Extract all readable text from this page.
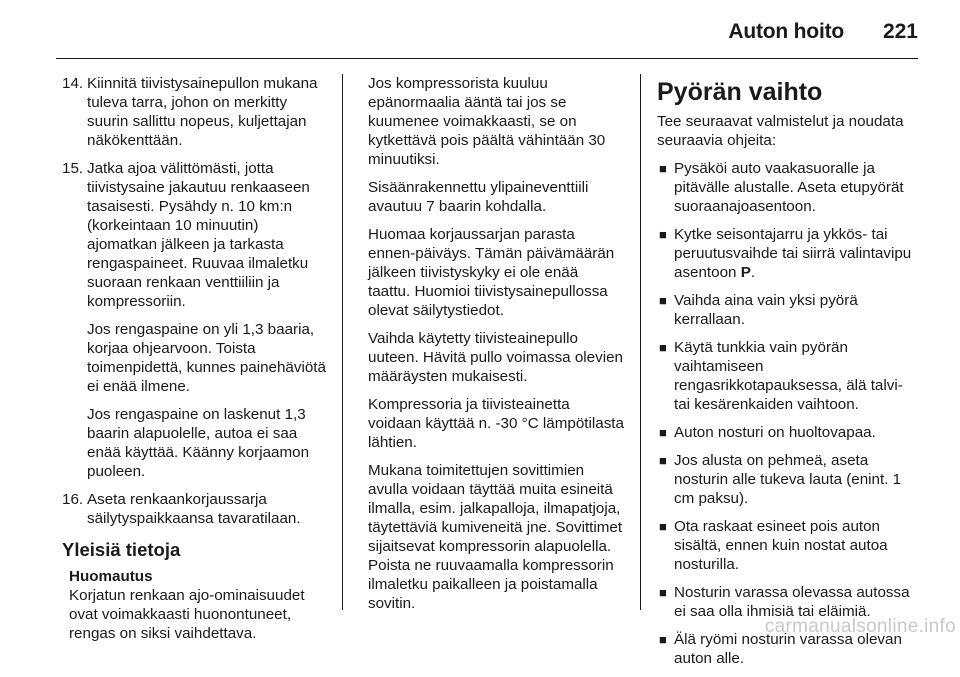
Auton hoito 221
14. Kiinnitä tiivistysainepullon mukana tuleva tarra, johon on merkitty suurin sallittu nopeus, kuljettajan näkökenttään.
15. Jatka ajoa välittömästi, jotta tiivistysaine jakautuu renkaaseen tasaisesti. Pysähdy n. 10 km:n (korkeintaan 10 minuutin) ajomatkan jälkeen ja tarkasta rengaspaineet. Ruuvaa ilmaletku suoraan renkaan venttiiliin ja kompressoriin.

Jos rengaspaine on yli 1,3 baaria, korjaa ohjearvoon. Toista toimenpidettä, kunnes painehäviötä ei enää ilmene.

Jos rengaspaine on laskenut 1,3 baarin alapuolelle, autoa ei saa enää käyttää. Käänny korjaamon puoleen.

16. Aseta renkaankorjaussarja säilytyspaikkaansa tavaratilaan.
Yleisiä tietoja

Huomautus

Korjatun renkaan ajo-ominaisuudet ovat voimakkaasti huonontuneet, rengas on siksi vaihdettava.

Jos kompressorista kuuluu epänormaalia ääntä tai jos se kuumenee voimakkaasti, se on kytkettävä pois päältä vähintään 30 minuutiksi.

Sisäänrakennettu ylipaineventtiili avautuu 7 baarin kohdalla.

Huomaa korjaussarjan parasta ennen-päiväys. Tämän päivämäärän jälkeen tiivistyskyky ei ole enää taattu. Huomioi tiivistysainepullossa olevat säilytystiedot.

Vaihda käytetty tiivisteainepullo uuteen. Hävitä pullo voimassa olevien määräysten mukaisesti.

Kompressoria ja tiivisteainetta voidaan käyttää n. -30 °C lämpötilasta lähtien.

Mukana toimitettujen sovittimien avulla voidaan täyttää muita esineitä ilmalla, esim. jalkapalloja, ilmapatjoja, täytettäviä kumiveneitä jne. Sovittimet sijaitsevat kompressorin alapuolella. Poista ne ruuvaamalla kompressorin ilmaletku paikalleen ja poistamalla sovitin.

Pyörän vaihto

Tee seuraavat valmistelut ja noudata seuraavia ohjeita:

■ Pysäköi auto vaakasuoralle ja pitävälle alustalle. Aseta etupyörät suoraanajoasentoon.
■ Kytke seisontajarru ja ykkös- tai peruutusvaihde tai siirrä valintavipu asentoon P.
■ Vaihda aina vain yksi pyörä kerrallaan.
■ Käytä tunkkia vain pyörän vaihtamiseen rengasrikkotapauksessa, älä talvi- tai kesärenkaiden vaihtoon.
■ Auton nosturi on huoltovapaa.
■ Jos alusta on pehmeä, aseta nosturin alle tukeva lauta (enint. 1 cm paksu).
■ Ota raskaat esineet pois auton sisältä, ennen kuin nostat autoa nosturilla.
■ Nosturin varassa olevassa autossa ei saa olla ihmisiä tai eläimiä.
■ Älä ryömi nosturin varassa olevan auton alle.
carmanualsonline.info
